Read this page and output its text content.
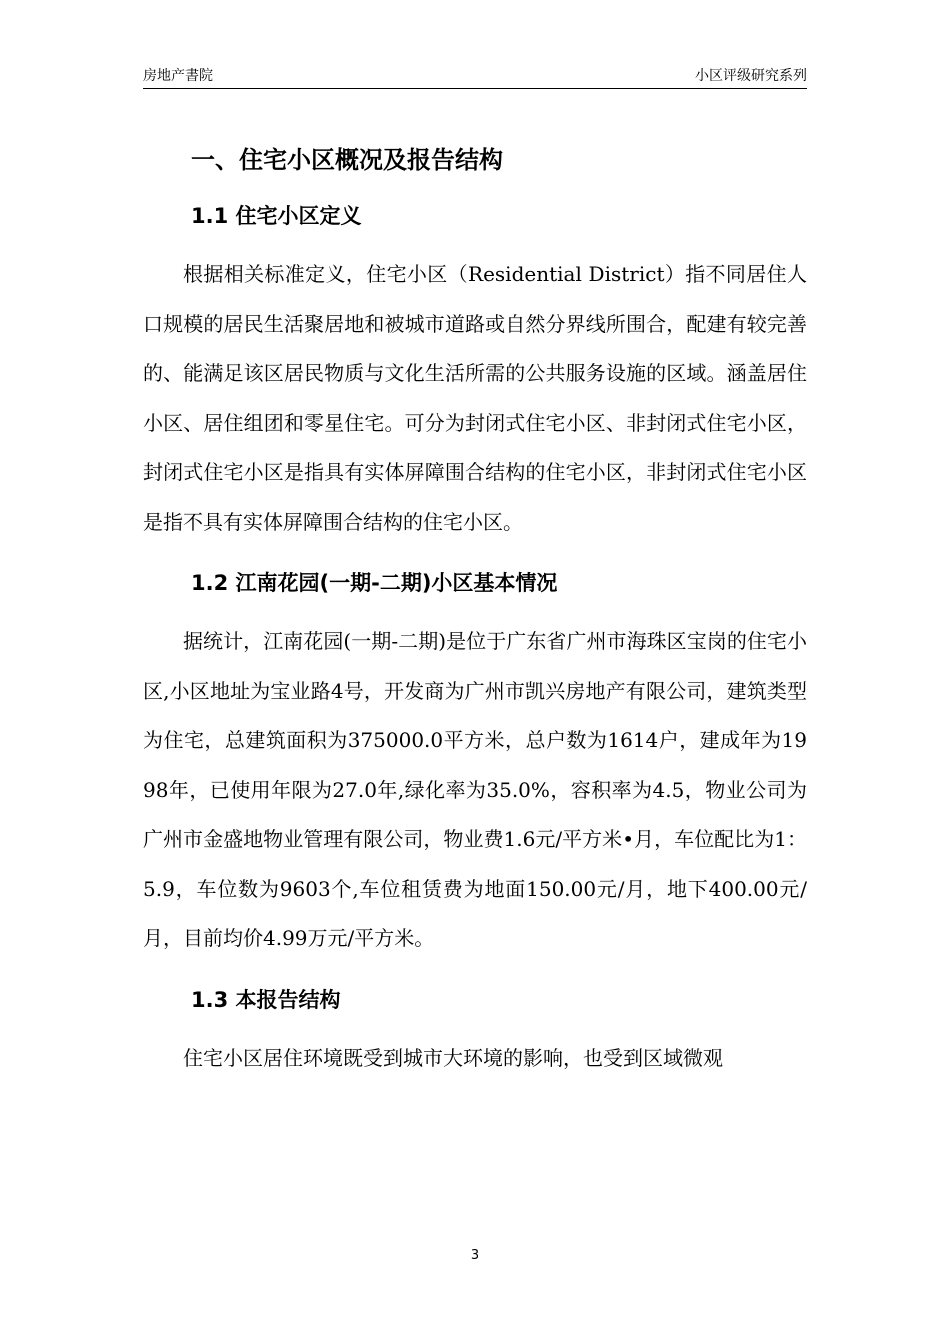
房地产書院	小区评级研究系列
一、住宅小区概况及报告结构
1.1 住宅小区定义

根据相关标准定义，住宅小区（Residential District）指不同居住人口规模的居民生活聚居地和被城市道路或自然分界线所围合，配建有较完善的、能满足该区居民物质与文化生活所需的公共服务设施的区域。涵盖居住小区、居住组团和零星住宅。可分为封闭式住宅小区、非封闭式住宅小区，封闭式住宅小区是指具有实体屏障围合结构的住宅小区，非封闭式住宅小区是指不具有实体屏障围合结构的住宅小区。

1.2 江南花园(一期-二期)小区基本情况

据统计，江南花园(一期-二期)是位于广东省广州市海珠区宝岗的住宅小区,小区地址为宝业路4号，开发商为广州市凯兴房地产有限公司，建筑类型为住宅，总建筑面积为375000.0平方米，总户数为1614户，建成年为1998年，已使用年限为27.0年,绿化率为35.0%，容积率为4.5，物业公司为广州市金盛地物业管理有限公司，物业费1.6元/平方米•月，车位配比为1：5.9，车位数为9603个,车位租赁费为地面150.00元/月，地下400.00元/月，目前均价4.99万元/平方米。

1.3 本报告结构

住宅小区居住环境既受到城市大环境的影响，也受到区域微观

3
